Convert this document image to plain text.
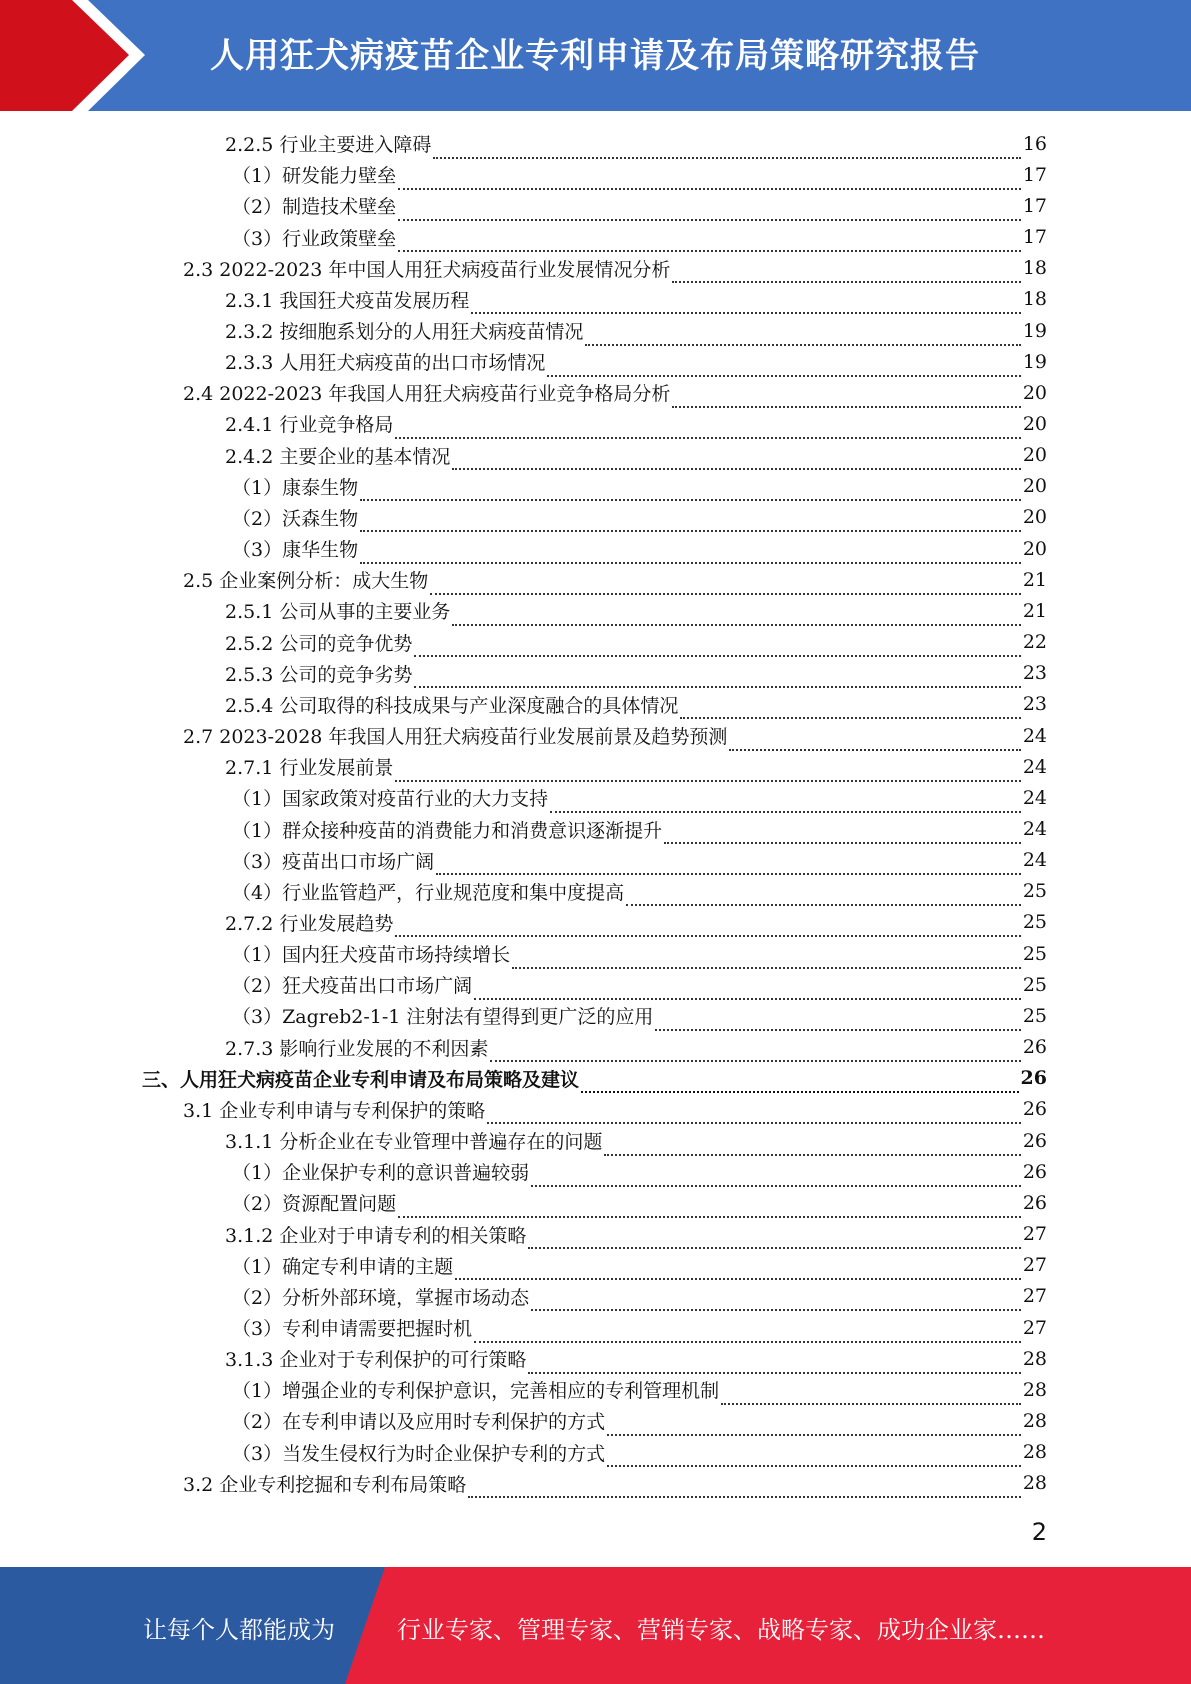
人用狂犬病疫苗企业专利申请及布局策略研究报告
2.2.5 行业主要进入障碍	16
（1）研发能力壁垒	17
（2）制造技术壁垒	17
（3）行业政策壁垒	17
2.3 2022-2023 年中国人用狂犬病疫苗行业发展情况分析	18
2.3.1 我国狂犬疫苗发展历程	18
2.3.2 按细胞系划分的人用狂犬病疫苗情况	19
2.3.3 人用狂犬病疫苗的出口市场情况	19
2.4 2022-2023 年我国人用狂犬病疫苗行业竞争格局分析	20
2.4.1 行业竞争格局	20
2.4.2 主要企业的基本情况	20
（1）康泰生物	20
（2）沃森生物	20
（3）康华生物	20
2.5 企业案例分析：成大生物	21
2.5.1 公司从事的主要业务	21
2.5.2 公司的竞争优势	22
2.5.3 公司的竞争劣势	23
2.5.4 公司取得的科技成果与产业深度融合的具体情况	23
2.7 2023-2028 年我国人用狂犬病疫苗行业发展前景及趋势预测	24
2.7.1 行业发展前景	24
（1）国家政策对疫苗行业的大力支持	24
（1）群众接种疫苗的消费能力和消费意识逐渐提升	24
（3）疫苗出口市场广阔	24
（4）行业监管趋严，行业规范度和集中度提高	25
2.7.2 行业发展趋势	25
（1）国内狂犬疫苗市场持续增长	25
（2）狂犬疫苗出口市场广阔	25
（3）Zagreb2-1-1 注射法有望得到更广泛的应用	25
2.7.3 影响行业发展的不利因素	26
三、人用狂犬病疫苗企业专利申请及布局策略及建议	26
3.1 企业专利申请与专利保护的策略	26
3.1.1 分析企业在专业管理中普遍存在的问题	26
（1）企业保护专利的意识普遍较弱	26
（2）资源配置问题	26
3.1.2 企业对于申请专利的相关策略	27
（1）确定专利申请的主题	27
（2）分析外部环境，掌握市场动态	27
（3）专利申请需要把握时机	27
3.1.3 企业对于专利保护的可行策略	28
（1）增强企业的专利保护意识，完善相应的专利管理机制	28
（2）在专利申请以及应用时专利保护的方式	28
（3）当发生侵权行为时企业保护专利的方式	28
3.2 企业专利挖掘和专利布局策略	28
2
让每个人都能成为	行业专家、管理专家、营销专家、战略专家、成功企业家……
